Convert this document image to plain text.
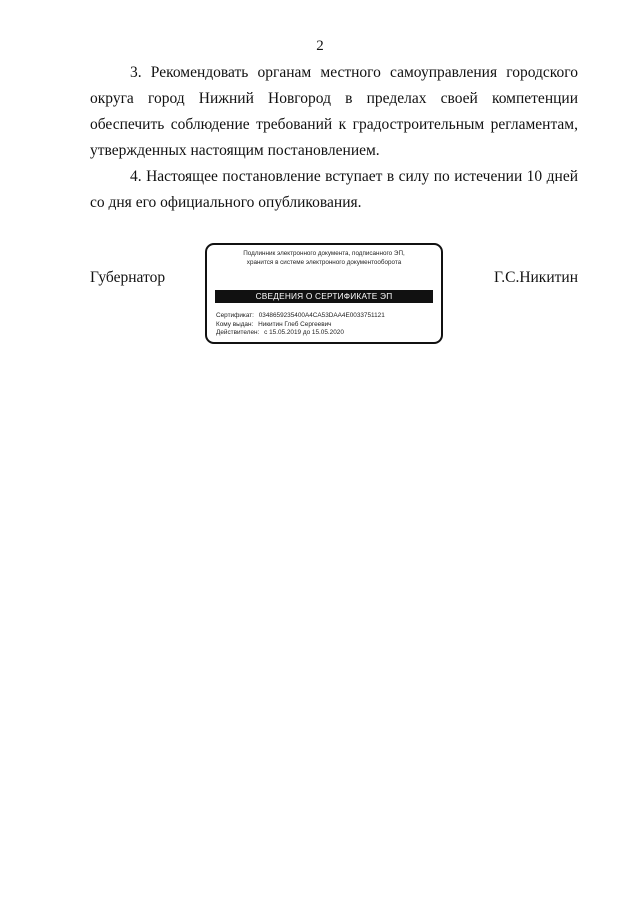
2

3. Рекомендовать органам местного самоуправления городского округа город Нижний Новгород в пределах своей компетенции обеспечить соблюдение требований к градостроительным регламентам, утвержденных настоящим постановлением.

4. Настоящее постановление вступает в силу по истечении 10 дней со дня его официального опубликования.

Губернатор
Подлинник электронного документа, подписанного ЭП,
хранится в системе электронного документооборота
СВЕДЕНИЯ О СЕРТИФИКАТЕ ЭП
Сертификат: 0348659235400A4CA53DAA4E0033751121
Кому выдан: Никитин Глеб Сергеевич
Действителен: с 15.05.2019 до 15.05.2020
Г.С.Никитин
